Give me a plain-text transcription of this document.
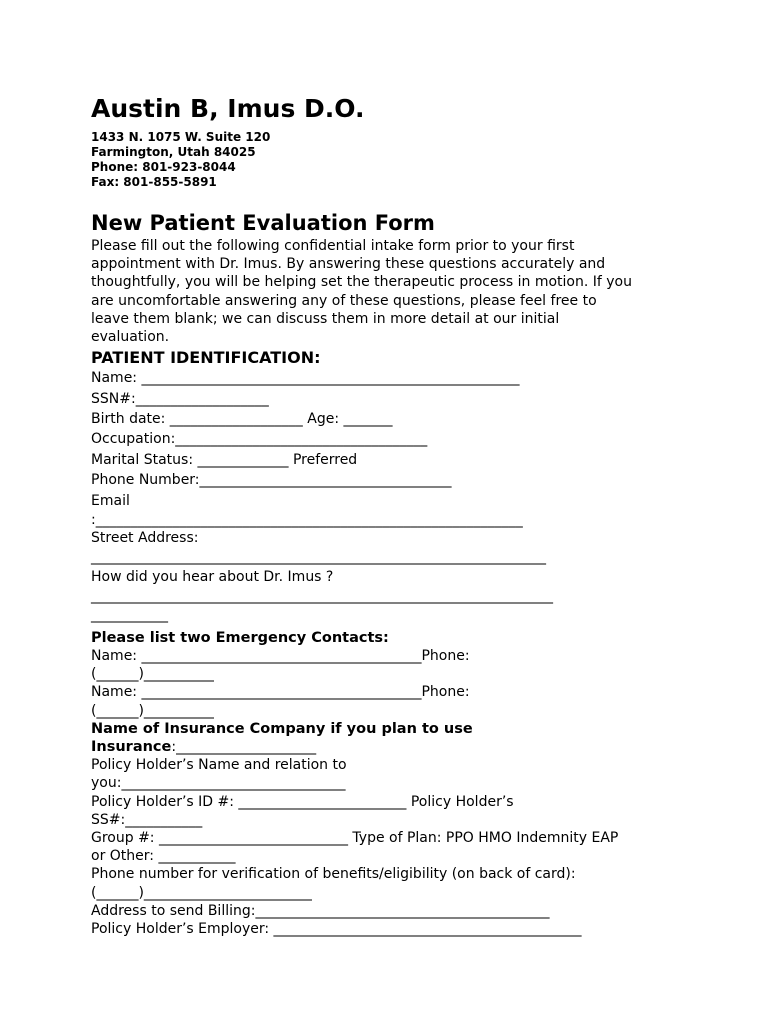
Austin B, Imus D.O.
1433 N. 1075 W. Suite 120
Farmington, Utah 84025
Phone: 801-923-8044
Fax: 801-855-5891
New Patient Evaluation Form
Please fill out the following confidential intake form prior to your first
appointment with Dr. Imus. By answering these questions accurately and
thoughtfully, you will be helping set the therapeutic process in motion. If you
are uncomfortable answering any of these questions, please feel free to
leave them blank; we can discuss them in more detail at our initial
evaluation.
PATIENT IDENTIFICATION:
Name: ______________________________________________________
SSN#:___________________
Birth date: ___________________ Age: _______
Occupation:____________________________________
Marital Status: _____________ Preferred
Phone Number:____________________________________
Email
:_____________________________________________________________
Street Address:
_________________________________________________________________
How did you hear about Dr. Imus ?
__________________________________________________________________
___________
Please list two Emergency Contacts:
Name: ________________________________________Phone:
(______)__________
Name: ________________________________________Phone:
(______)__________
Name of Insurance Company if you plan to use
Insurance:____________________
Policy Holder’s Name and relation to
you:________________________________
Policy Holder’s ID #: ________________________ Policy Holder’s
SS#:___________
Group #: ___________________________ Type of Plan: PPO HMO Indemnity EAP
or Other: ___________
Phone number for verification of benefits/eligibility (on back of card):
(______)________________________
Address to send Billing:__________________________________________
Policy Holder’s Employer: ____________________________________________
